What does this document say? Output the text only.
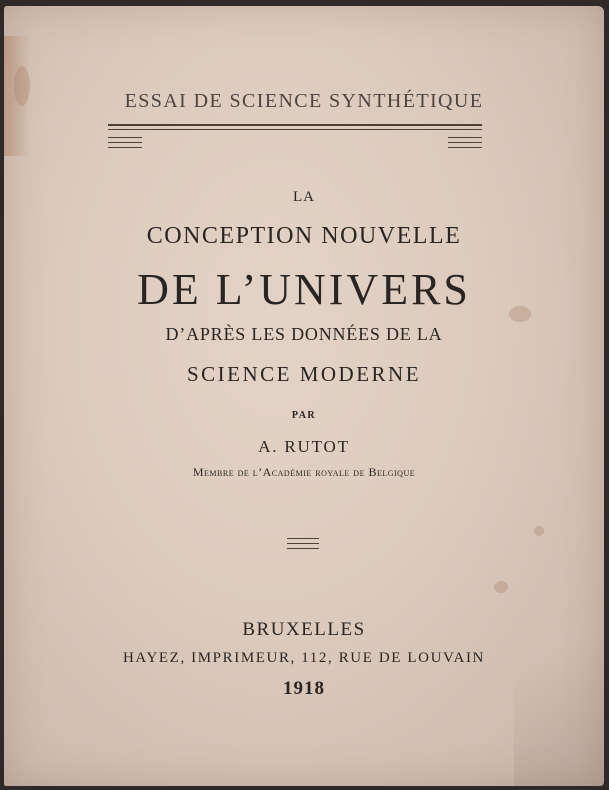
ESSAI DE SCIENCE SYNTHÉTIQUE
LA
CONCEPTION NOUVELLE
DE L’UNIVERS
D’APRÈS LES DONNÉES DE LA
SCIENCE MODERNE
PAR
A. RUTOT
Membre de l’Académie royale de Belgique
BRUXELLES
HAYEZ, IMPRIMEUR, 112, RUE DE LOUVAIN
1918
